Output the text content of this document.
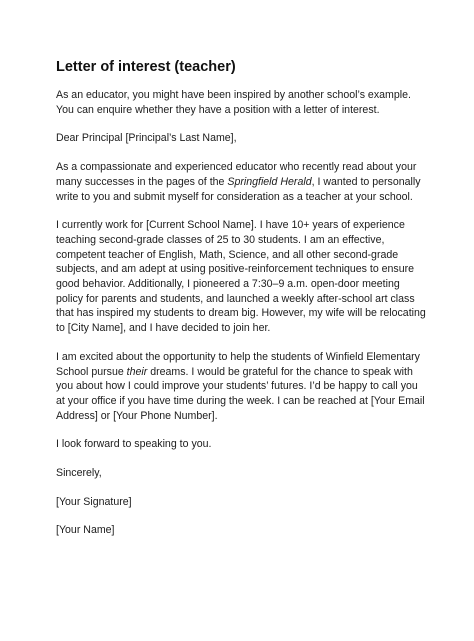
Letter of interest (teacher)

As an educator, you might have been inspired by another school’s example. You can enquire whether they have a position with a letter of interest.

Dear Principal [Principal’s Last Name],

As a compassionate and experienced educator who recently read about your many successes in the pages of the Springfield Herald, I wanted to personally write to you and submit myself for consideration as a teacher at your school.

I currently work for [Current School Name]. I have 10+ years of experience teaching second-grade classes of 25 to 30 students. I am an effective, competent teacher of English, Math, Science, and all other second-grade subjects, and am adept at using positive-reinforcement techniques to ensure good behavior. Additionally, I pioneered a 7:30–9 a.m. open-door meeting policy for parents and students, and launched a weekly after-school art class that has inspired my students to dream big. However, my wife will be relocating to [City Name], and I have decided to join her.

I am excited about the opportunity to help the students of Winfield Elementary School pursue their dreams. I would be grateful for the chance to speak with you about how I could improve your students’ futures. I’d be happy to call you at your office if you have time during the week. I can be reached at [Your Email Address] or [Your Phone Number].

I look forward to speaking to you.

Sincerely,

[Your Signature]

[Your Name]
